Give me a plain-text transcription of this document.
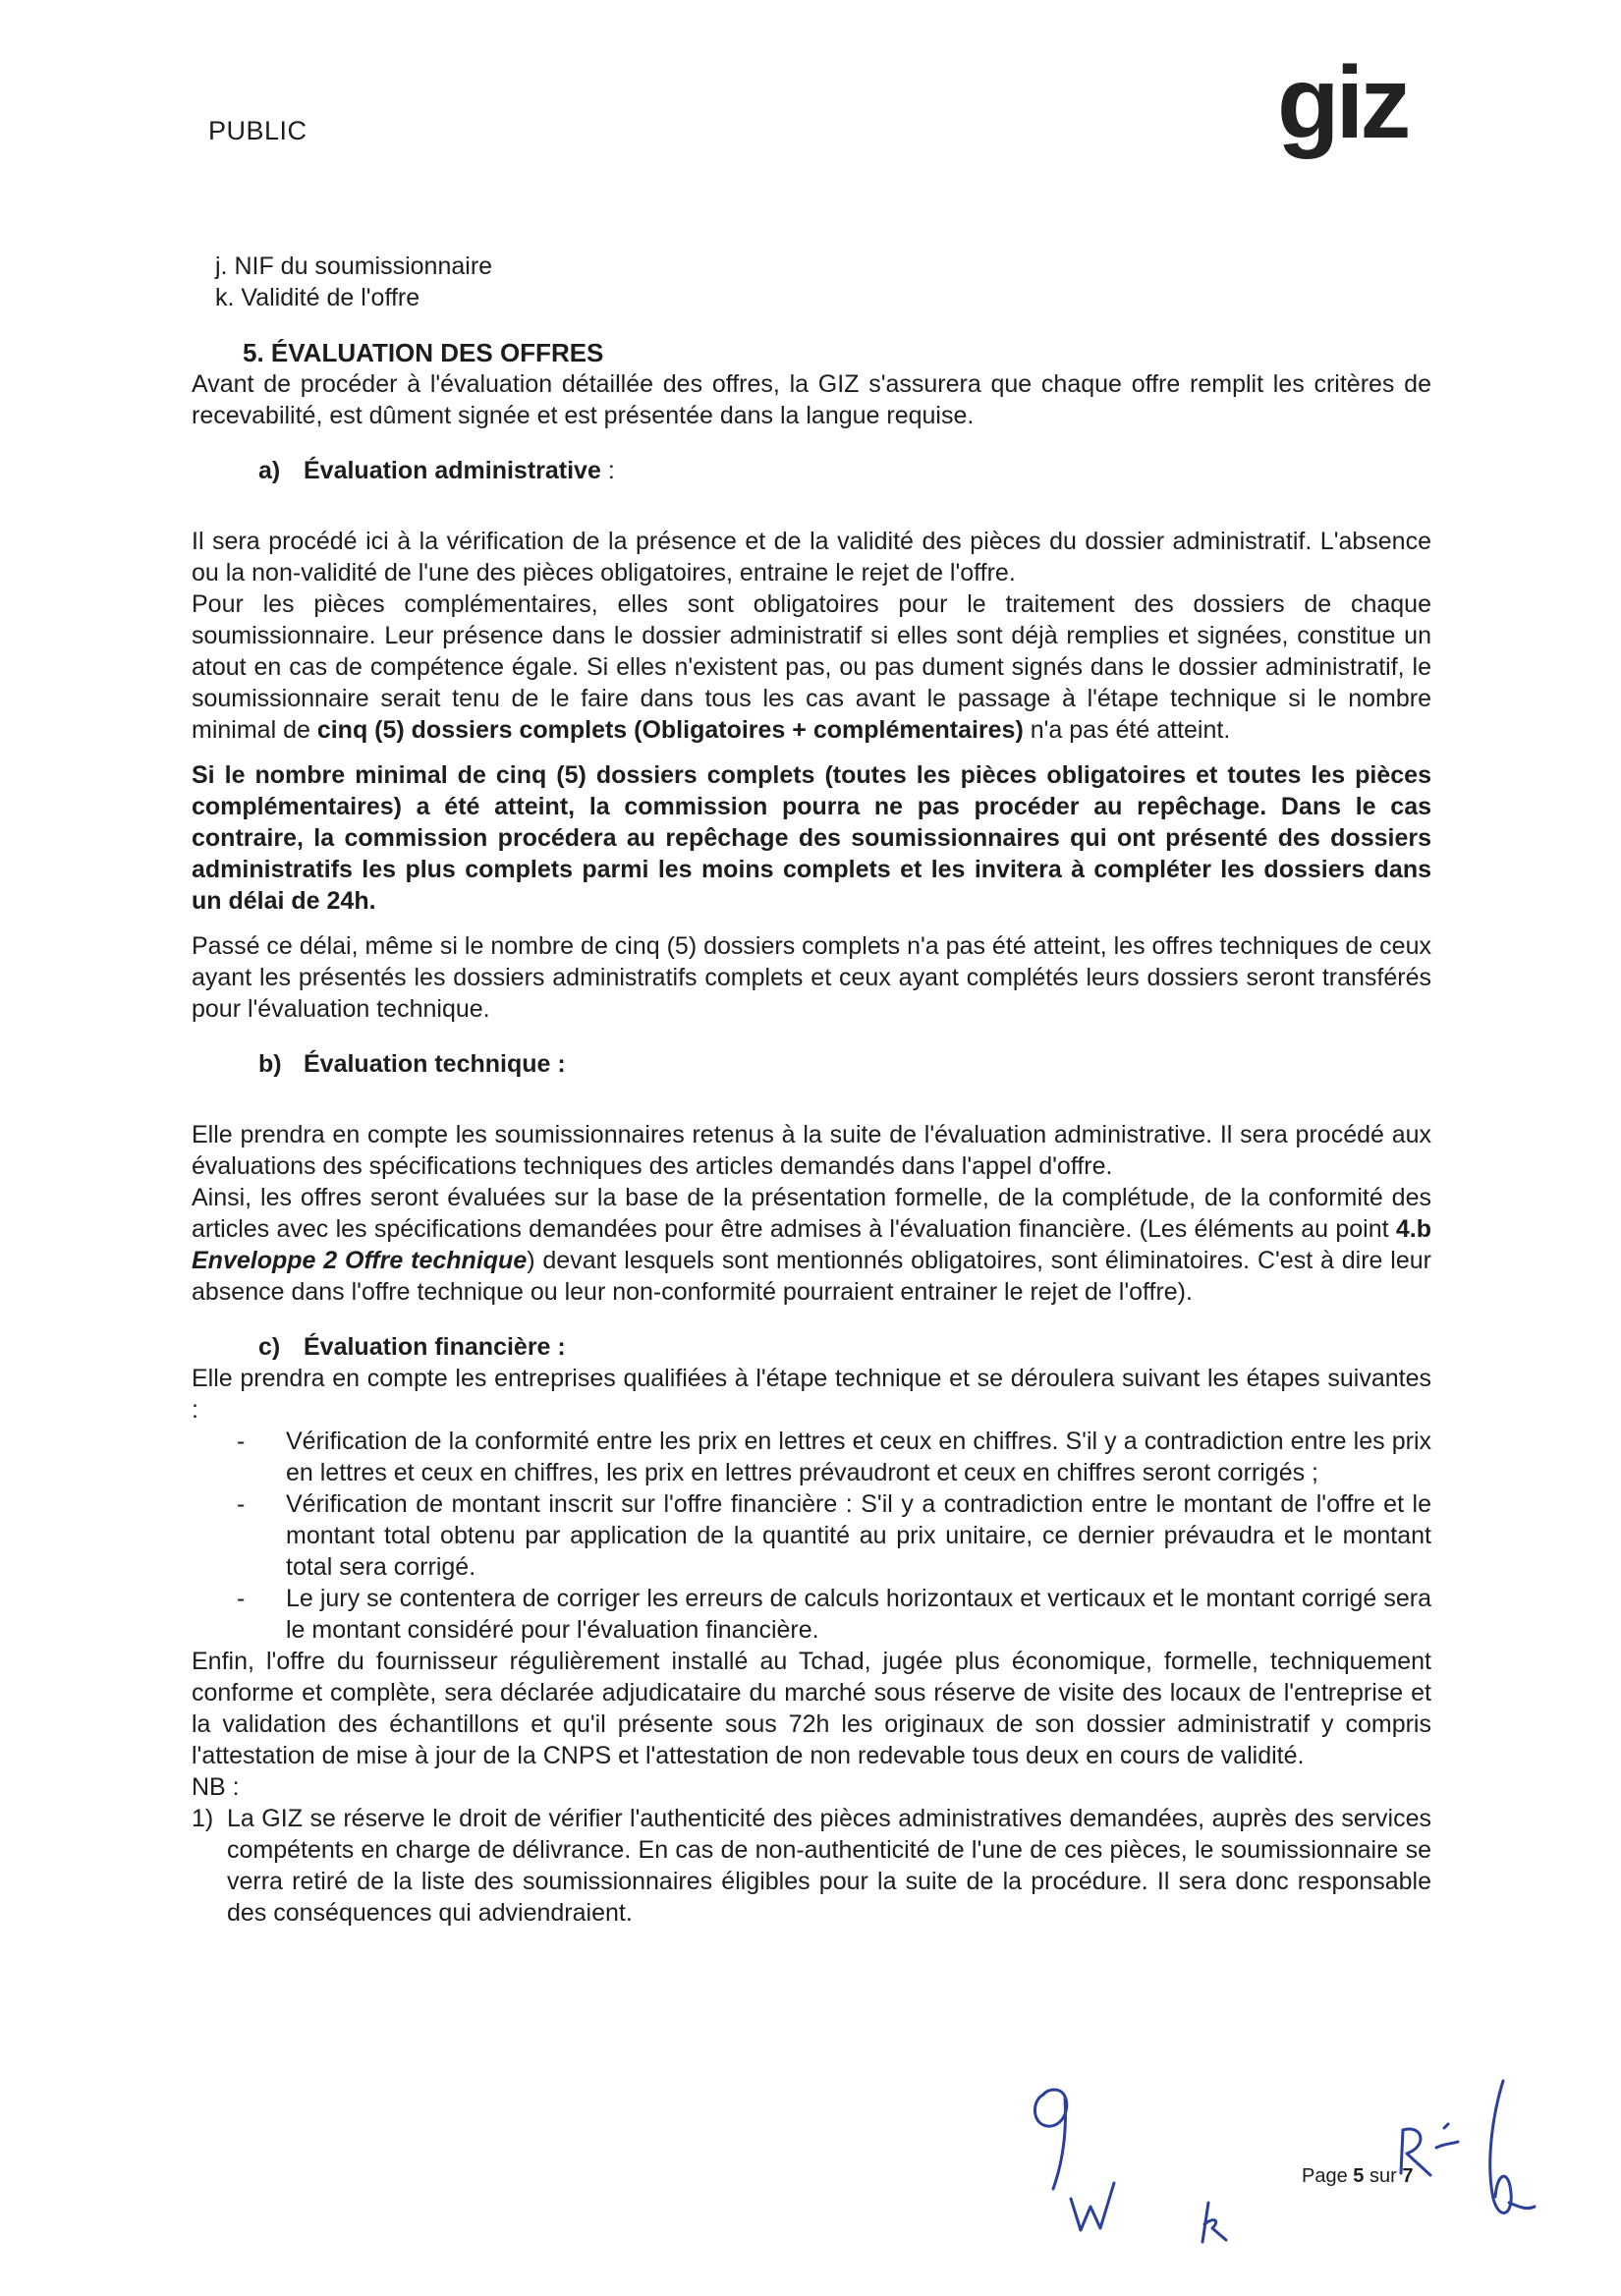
PUBLIC	giz

j. NIF du soumissionnaire

k. Validité de l'offre

5. ÉVALUATION DES OFFRES

Avant de procéder à l'évaluation détaillée des offres, la GIZ s'assurera que chaque offre remplit les critères de recevabilité, est dûment signée et est présentée dans la langue requise.

a) Évaluation administrative :

Il sera procédé ici à la vérification de la présence et de la validité des pièces du dossier administratif. L'absence ou la non-validité de l'une des pièces obligatoires, entraine le rejet de l'offre.

Pour les pièces complémentaires, elles sont obligatoires pour le traitement des dossiers de chaque soumissionnaire. Leur présence dans le dossier administratif si elles sont déjà remplies et signées, constitue un atout en cas de compétence égale. Si elles n'existent pas, ou pas dument signés dans le dossier administratif, le soumissionnaire serait tenu de le faire dans tous les cas avant le passage à l'étape technique si le nombre minimal de cinq (5) dossiers complets (Obligatoires + complémentaires) n'a pas été atteint.

Si le nombre minimal de cinq (5) dossiers complets (toutes les pièces obligatoires et toutes les pièces complémentaires) a été atteint, la commission pourra ne pas procéder au repêchage. Dans le cas contraire, la commission procédera au repêchage des soumissionnaires qui ont présenté des dossiers administratifs les plus complets parmi les moins complets et les invitera à compléter les dossiers dans un délai de 24h.

Passé ce délai, même si le nombre de cinq (5) dossiers complets n'a pas été atteint, les offres techniques de ceux ayant les présentés les dossiers administratifs complets et ceux ayant complétés leurs dossiers seront transférés pour l'évaluation technique.

b) Évaluation technique :

Elle prendra en compte les soumissionnaires retenus à la suite de l'évaluation administrative. Il sera procédé aux évaluations des spécifications techniques des articles demandés dans l'appel d'offre.

Ainsi, les offres seront évaluées sur la base de la présentation formelle, de la complétude, de la conformité des articles avec les spécifications demandées pour être admises à l'évaluation financière. (Les éléments au point 4.b Enveloppe 2 Offre technique) devant lesquels sont mentionnés obligatoires, sont éliminatoires. C'est à dire leur absence dans l'offre technique ou leur non-conformité pourraient entrainer le rejet de l'offre).

c) Évaluation financière :

Elle prendra en compte les entreprises qualifiées à l'étape technique et se déroulera suivant les étapes suivantes :

- Vérification de la conformité entre les prix en lettres et ceux en chiffres. S'il y a contradiction entre les prix en lettres et ceux en chiffres, les prix en lettres prévaudront et ceux en chiffres seront corrigés ;
- Vérification de montant inscrit sur l'offre financière : S'il y a contradiction entre le montant de l'offre et le montant total obtenu par application de la quantité au prix unitaire, ce dernier prévaudra et le montant total sera corrigé.
- Le jury se contentera de corriger les erreurs de calculs horizontaux et verticaux et le montant corrigé sera le montant considéré pour l'évaluation financière.

Enfin, l'offre du fournisseur régulièrement installé au Tchad, jugée plus économique, formelle, techniquement conforme et complète, sera déclarée adjudicataire du marché sous réserve de visite des locaux de l'entreprise et la validation des échantillons et qu'il présente sous 72h les originaux de son dossier administratif y compris l'attestation de mise à jour de la CNPS et l'attestation de non redevable tous deux en cours de validité.

NB :

1) La GIZ se réserve le droit de vérifier l'authenticité des pièces administratives demandées, auprès des services compétents en charge de délivrance. En cas de non-authenticité de l'une de ces pièces, le soumissionnaire se verra retiré de la liste des soumissionnaires éligibles pour la suite de la procédure. Il sera donc responsable des conséquences qui adviendraient.
Page 5 sur 7
